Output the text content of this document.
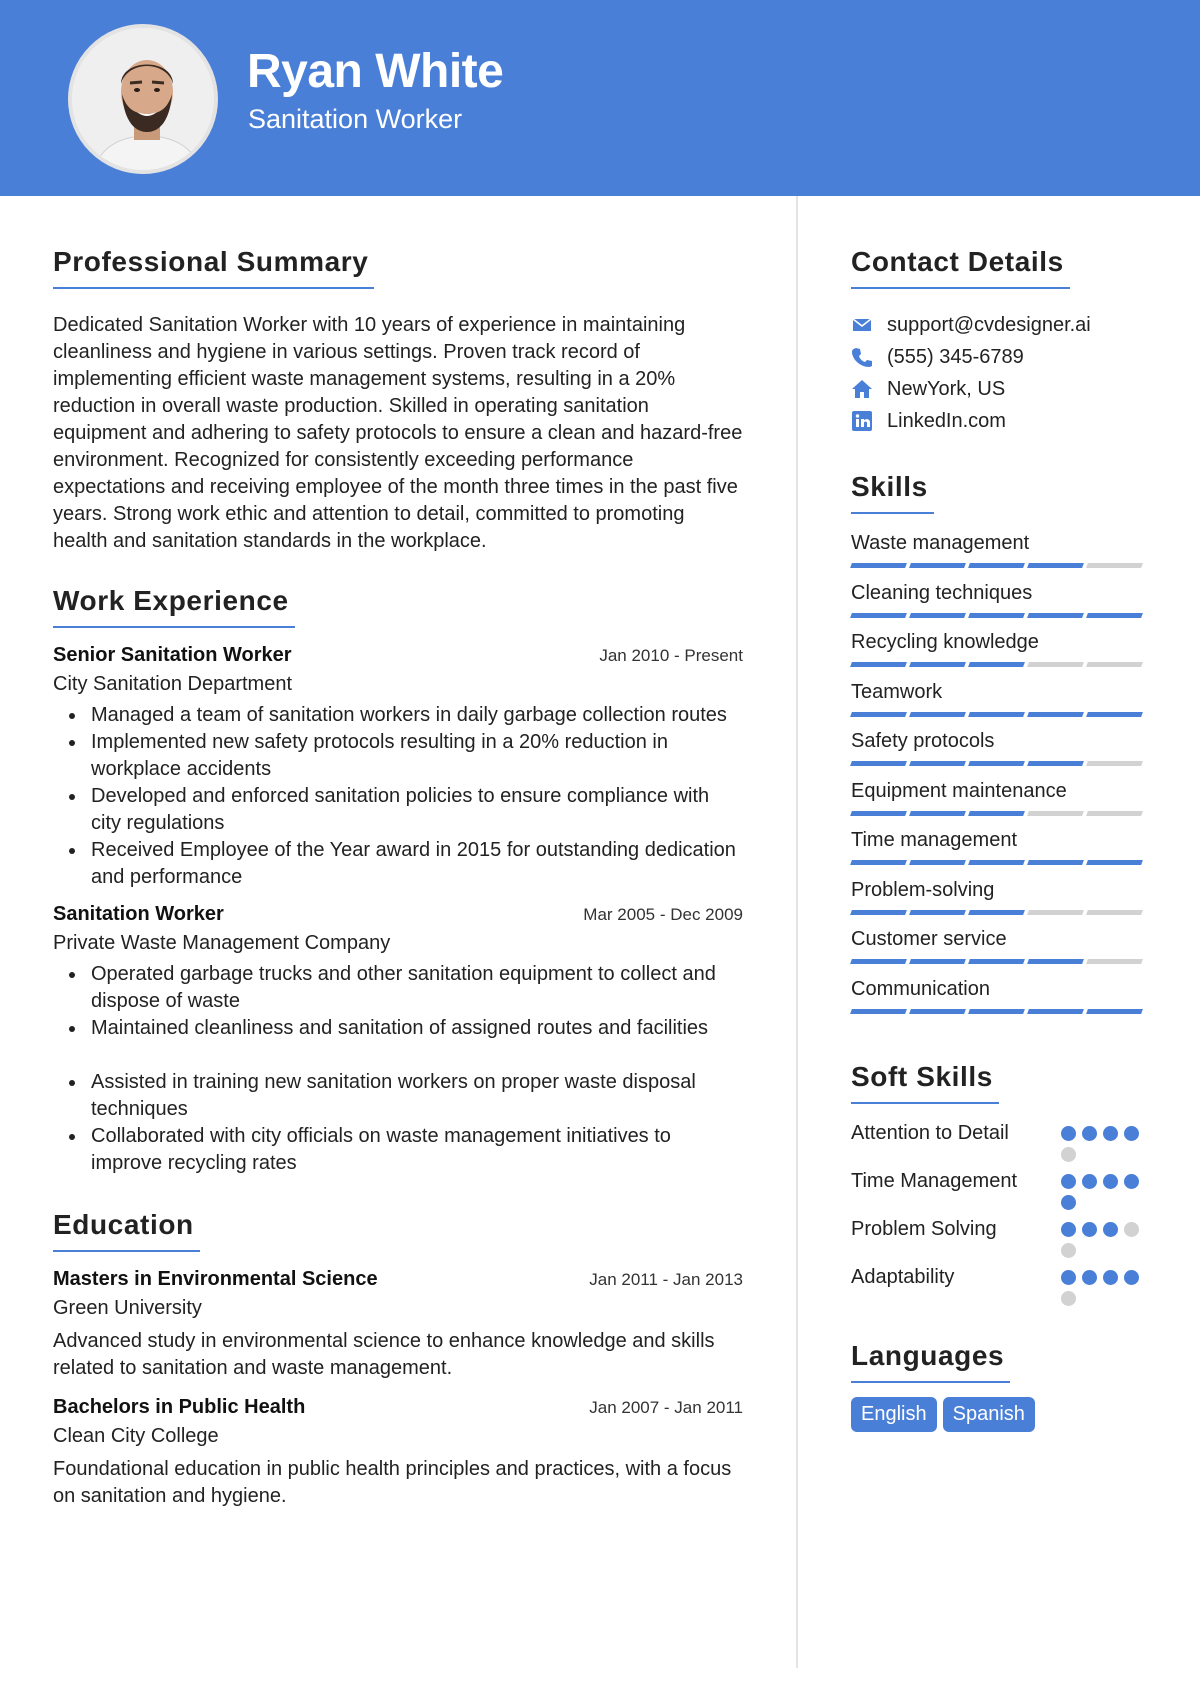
Ryan White
Sanitation Worker
Professional Summary

Dedicated Sanitation Worker with 10 years of experience in maintaining cleanliness and hygiene in various settings. Proven track record of implementing efficient waste management systems, resulting in a 20% reduction in overall waste production. Skilled in operating sanitation equipment and adhering to safety protocols to ensure a clean and hazard-free environment. Recognized for consistently exceeding performance expectations and receiving employee of the month three times in the past five years. Strong work ethic and attention to detail, committed to promoting health and sanitation standards in the workplace.

Work Experience
Senior Sanitation Worker	Jan 2010 - Present
City Sanitation Department
Managed a team of sanitation workers in daily garbage collection routes
Implemented new safety protocols resulting in a 20% reduction in workplace accidents
Developed and enforced sanitation policies to ensure compliance with city regulations
Received Employee of the Year award in 2015 for outstanding dedication and performance
Sanitation Worker	Mar 2005 - Dec 2009
Private Waste Management Company
Operated garbage trucks and other sanitation equipment to collect and dispose of waste
Maintained cleanliness and sanitation of assigned routes and facilities
Assisted in training new sanitation workers on proper waste disposal techniques
Collaborated with city officials on waste management initiatives to improve recycling rates
Education
Masters in Environmental Science	Jan 2011 - Jan 2013
Green University
Advanced study in environmental science to enhance knowledge and skills related to sanitation and waste management.
Bachelors in Public Health	Jan 2007 - Jan 2011
Clean City College
Foundational education in public health principles and practices, with a focus on sanitation and hygiene.
Contact Details
support@cvdesigner.ai
(555) 345-6789
NewYork, US
LinkedIn.com
Skills
Waste management
Cleaning techniques
Recycling knowledge
Teamwork
Safety protocols
Equipment maintenance
Time management
Problem-solving
Customer service
Communication
Soft Skills
Attention to Detail
Time Management
Problem Solving
Adaptability
Languages
English	Spanish
